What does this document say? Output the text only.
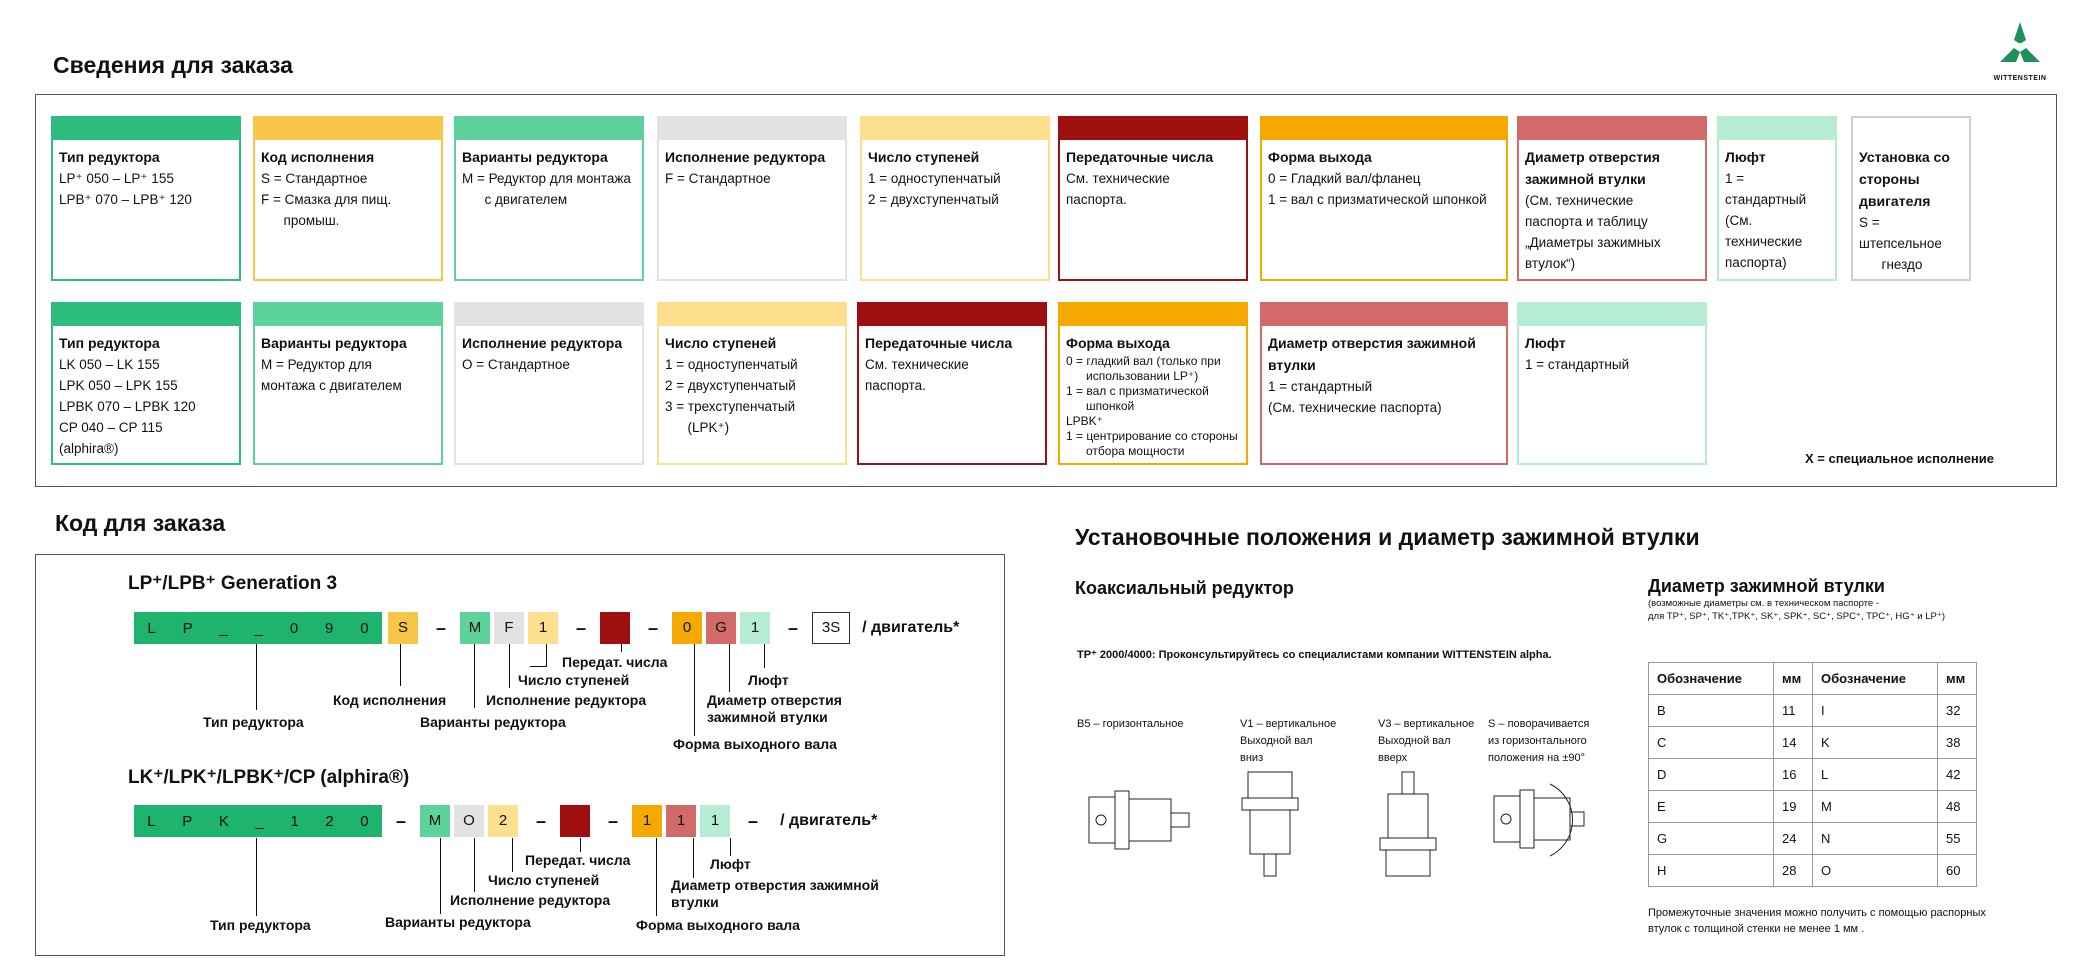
Сведения для заказа
WITTENSTEIN
Тип редуктора
LP⁺ 050 – LP⁺ 155
LPB⁺ 070 – LPB⁺ 120
Код исполнения
S = Стандартное
F = Смазка для пищ.
промыш.
Варианты редуктора
M = Редуктор для монтажа
с двигателем
Исполнение редуктора
F = Стандартное
Число ступеней
1 = одноступенчатый
2 = двухступенчатый
Передаточные числа
См. технические
паспорта.
Форма выхода
0 = Гладкий вал/фланец
1 = вал с призматической шпонкой
Диаметр отверстия зажимной втулки
(См. технические
паспорта и таблицу
„Диаметры зажимных
втулок“)
Люфт
1 = стандартный
(См.
технические
паспорта)
Установка со стороны двигателя
S = штепсельное
гнездо
Тип редуктора
LK 050 – LK 155
LPK 050 – LPK 155
LPBK 070 – LPBK 120
CP 040 – CP 115
(alphira®)
Варианты редуктора
M = Редуктор для
монтажа с двигателем
Исполнение редуктора
O = Стандартное
Число ступеней
1 = одноступенчатый
2 = двухступенчатый
3 = трехступенчатый
(LPK⁺)
Передаточные числа
См. технические
паспорта.
Форма выхода
0 = гладкий вал (только при
использовании LP⁺)
1 = вал с призматической
шпонкой
LPBK⁺
1 = центрирование со стороны
отбора мощности
Диаметр отверстия зажимной втулки
1 = стандартный
(См. технические паспорта)
Люфт
1 = стандартный
X = специальное исполнение
Код для заказа
LP⁺/LPB⁺ Generation 3
L P _ _ 0 9 0	S	–	M	F	1	–	5	–	0	G	1	–	3S	/ двигатель*
LK⁺/LPK⁺/LPBK⁺/CP (alphira®)
L P K _ 1 2 0 –	M	O	2	–	7	–	1	1	1	– / двигатель*
Тип редуктора
Код исполнения
Варианты редуктора
Исполнение редуктора
Число ступеней
Передат. числа
Форма выходного вала
Диаметр отверстия зажимной втулки
Люфт
Тип редуктора	Варианты редуктора
Исполнение редуктора
Число ступеней
Передат. числа
Форма выходного вала
Диаметр отверстия зажимной втулки
Люфт
Установочные положения и диаметр зажимной втулки
Коаксиальный редуктор
TP⁺ 2000/4000: Проконсультируйтесь со специалистами компании WITTENSTEIN alpha.
B5 – горизонтальное	V1 – вертикальное
Выходной вал
вниз
V3 – вертикальное
Выходной вал
вверх
S – поворачивается
из горизонтального
положения на ±90°
Диаметр зажимной втулки
(возможные диаметры см. в техническом паспорте -
для TP⁺, SP⁺, TK⁺,TPK⁺, SK⁺, SPK⁺, SC⁺, SPC⁺, TPC⁺, HG⁺ и LP⁺)
Обозначение	мм	Обозначение	мм
B	11	I	32
C	14	K	38
D	16	L	42
E	19	M	48
G	24	N	55
H	28	O	60
Промежуточные значения можно получить с помощью распорных
втулок с толщиной стенки не менее 1 мм .
